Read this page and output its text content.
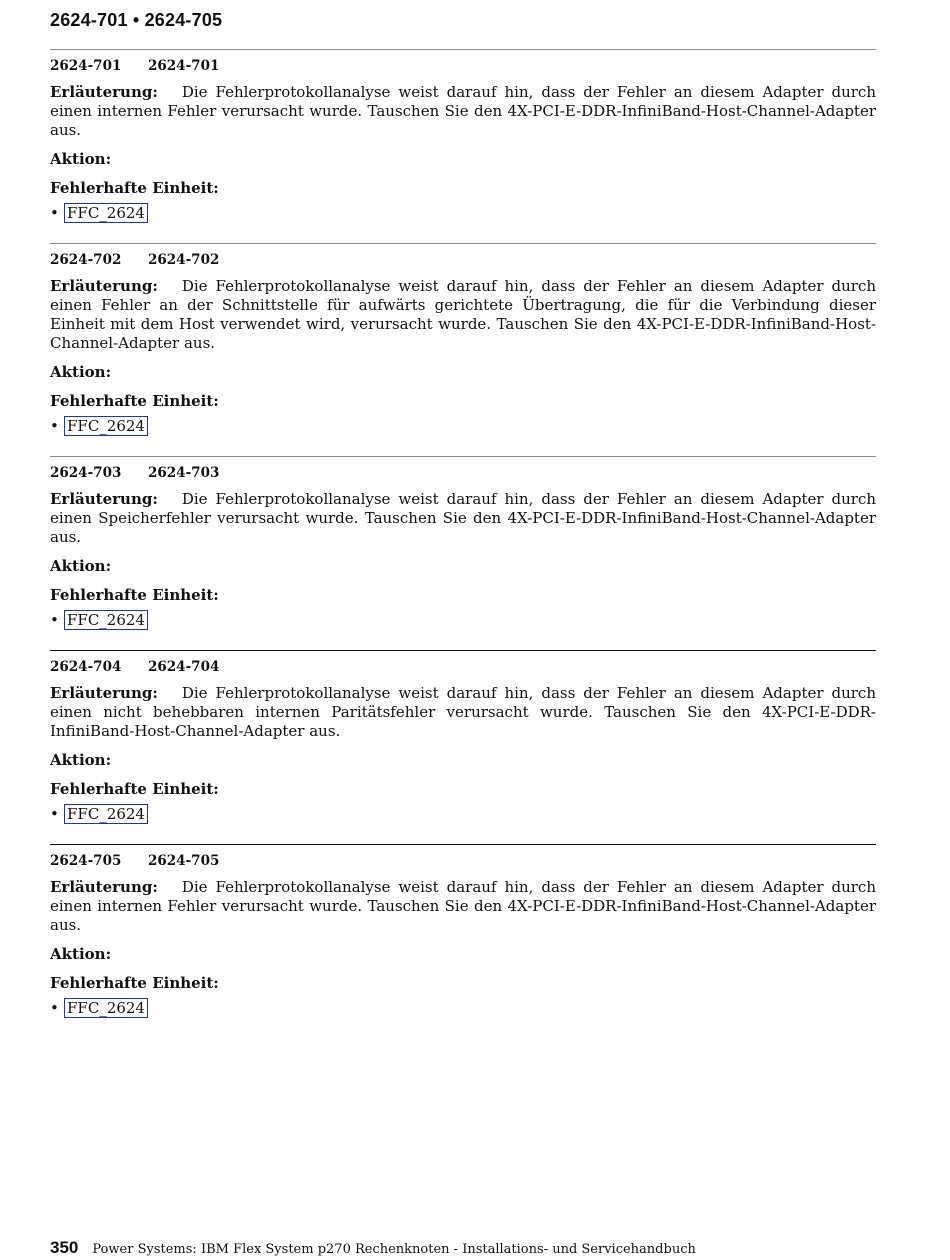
2624-701 • 2624-705
2624-701 2624-701

Erläuterung: Die Fehlerprotokollanalyse weist darauf hin, dass der Fehler an diesem Adapter durch einen internen Fehler verursacht wurde. Tauschen Sie den 4X-PCI-E-DDR-InfiniBand-Host-Channel-Adapter aus.

Aktion:
Fehlerhafte Einheit:
• FFC_2624
2624-702 2624-702

Erläuterung: Die Fehlerprotokollanalyse weist darauf hin, dass der Fehler an diesem Adapter durch einen Fehler an der Schnittstelle für aufwärts gerichtete Übertragung, die für die Verbindung dieser Einheit mit dem Host verwendet wird, verursacht wurde. Tauschen Sie den 4X-PCI-E-DDR-InfiniBand-Host-Channel-Adapter aus.

Aktion:
Fehlerhafte Einheit:
• FFC_2624
2624-703 2624-703

Erläuterung: Die Fehlerprotokollanalyse weist darauf hin, dass der Fehler an diesem Adapter durch einen Speicherfehler verursacht wurde. Tauschen Sie den 4X-PCI-E-DDR-InfiniBand-Host-Channel-Adapter aus.

Aktion:
Fehlerhafte Einheit:
• FFC_2624
2624-704 2624-704

Erläuterung: Die Fehlerprotokollanalyse weist darauf hin, dass der Fehler an diesem Adapter durch einen nicht behebbaren internen Paritätsfehler verursacht wurde. Tauschen Sie den 4X-PCI-E-DDR-InfiniBand-Host-Channel-Adapter aus.

Aktion:
Fehlerhafte Einheit:
• FFC_2624
2624-705 2624-705

Erläuterung: Die Fehlerprotokollanalyse weist darauf hin, dass der Fehler an diesem Adapter durch einen internen Fehler verursacht wurde. Tauschen Sie den 4X-PCI-E-DDR-InfiniBand-Host-Channel-Adapter aus.

Aktion:
Fehlerhafte Einheit:
• FFC_2624
350 Power Systems: IBM Flex System p270 Rechenknoten - Installations- und Servicehandbuch
